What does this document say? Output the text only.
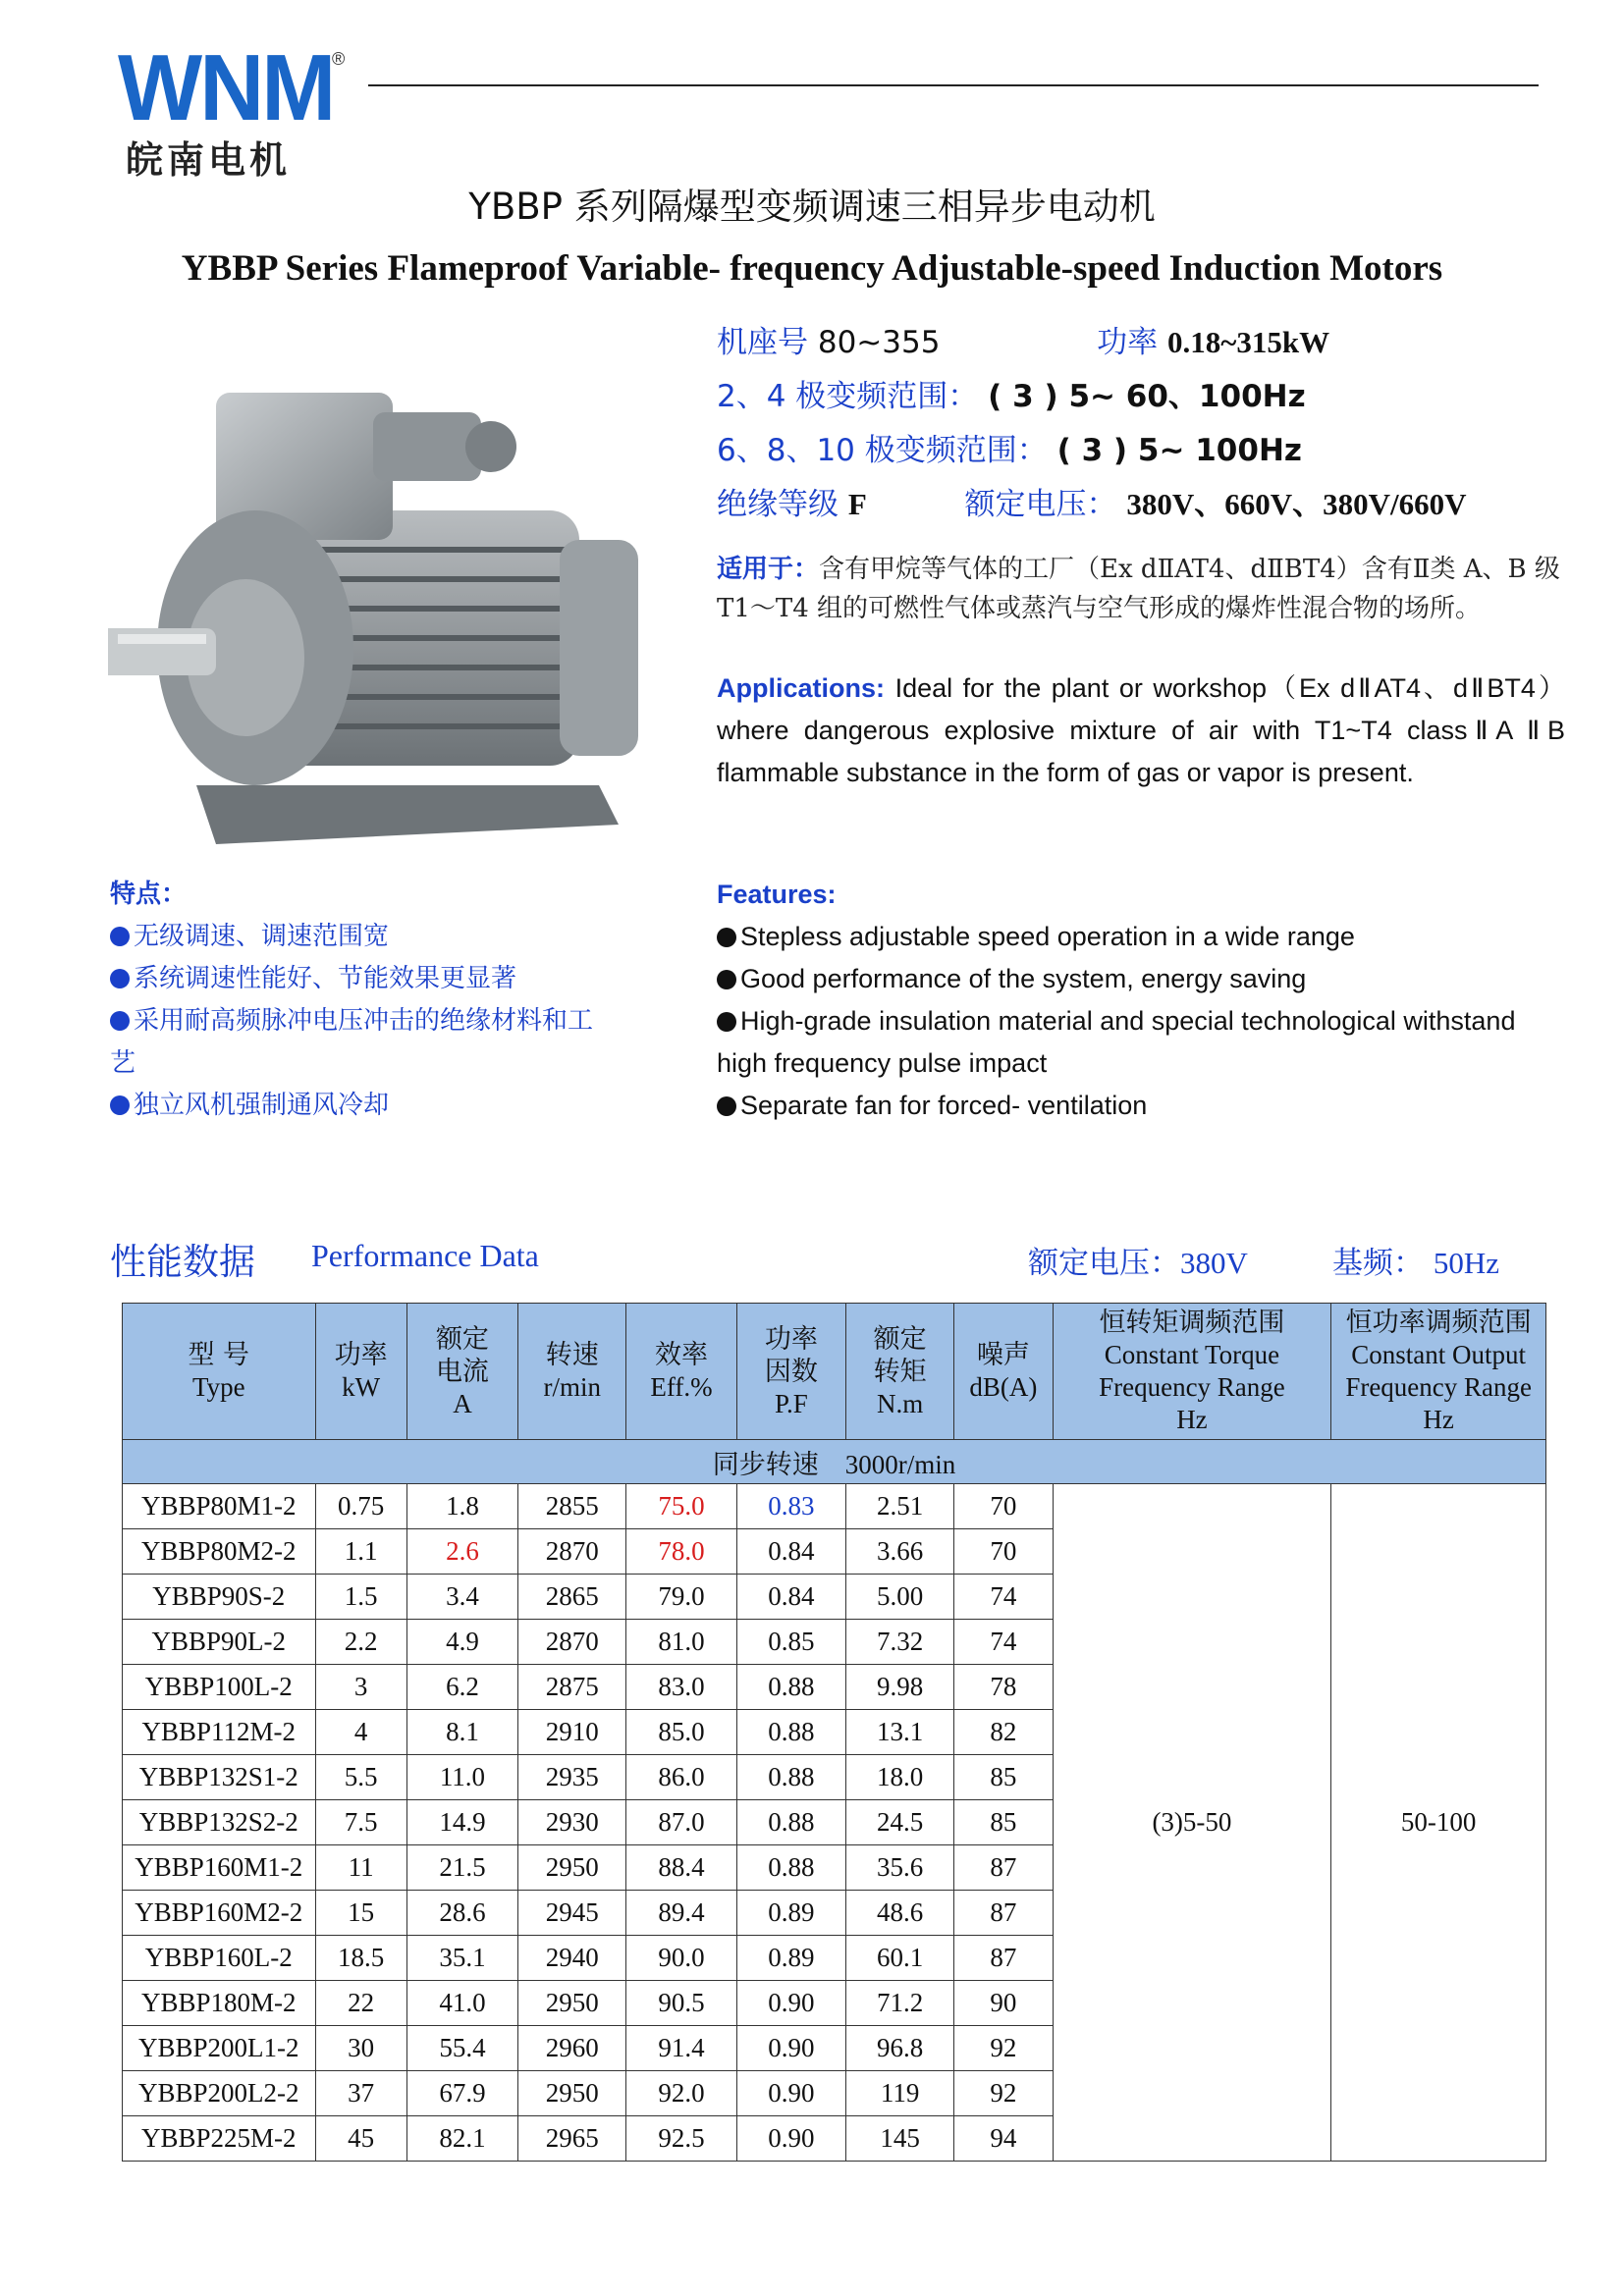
WNM
®
皖南电机
YBBP 系列隔爆型变频调速三相异步电动机
YBBP Series Flameproof Variable- frequency Adjustable-speed Induction Motors
机座号 80~355	功率 0.18~315kW
2、4 极变频范围： ( 3 ) 5~ 60、100Hz
6、8、10 极变频范围： ( 3 ) 5~ 100Hz
绝缘等级 F	额定电压： 380V、660V、380V/660V
适用于：含有甲烷等气体的工厂（Ex dⅡAT4、dⅡBT4）含有Ⅱ类 A、B 级 T1～T4 组的可燃性气体或蒸汽与空气形成的爆炸性混合物的场所。
Applications: Ideal for the plant or workshop（Ex dⅡAT4、dⅡBT4）where dangerous explosive mixture of air with T1~T4 classⅡA ⅡB flammable substance in the form of gas or vapor is present.
特点：
无级调速、调速范围宽
系统调速性能好、节能效果更显著
采用耐高频脉冲电压冲击的绝缘材料和工艺
独立风机强制通风冷却
Features:
Stepless adjustable speed operation in a wide range
Good performance of the system, energy saving
High-grade insulation material and special technological withstand high frequency pulse impact
Separate fan for forced- ventilation
性能数据 Performance Data	额定电压：380V	基频： 50Hz
型 号
Type	功率
kW	额定
电流
A	转速
r/min	效率
Eff.%	功率
因数
P.F	额定
转矩
N.m	噪声
dB(A)	恒转矩调频范围
Constant Torque
Frequency Range
Hz	恒功率调频范围
Constant Output
Frequency Range
Hz
同步转速 3000r/min									
YBBP80M1-2	0.75	1.8	2855	75.0	0.83	2.51	70	(3)5-50	50-100
YBBP80M2-2	1.1	2.6	2870	78.0	0.84	3.66	70		
YBBP90S-2	1.5	3.4	2865	79.0	0.84	5.00	74		
YBBP90L-2	2.2	4.9	2870	81.0	0.85	7.32	74		
YBBP100L-2	3	6.2	2875	83.0	0.88	9.98	78		
YBBP112M-2	4	8.1	2910	85.0	0.88	13.1	82		
YBBP132S1-2	5.5	11.0	2935	86.0	0.88	18.0	85		
YBBP132S2-2	7.5	14.9	2930	87.0	0.88	24.5	85		
YBBP160M1-2	11	21.5	2950	88.4	0.88	35.6	87		
YBBP160M2-2	15	28.6	2945	89.4	0.89	48.6	87		
YBBP160L-2	18.5	35.1	2940	90.0	0.89	60.1	87		
YBBP180M-2	22	41.0	2950	90.5	0.90	71.2	90		
YBBP200L1-2	30	55.4	2960	91.4	0.90	96.8	92		
YBBP200L2-2	37	67.9	2950	92.0	0.90	119	92		
YBBP225M-2	45	82.1	2965	92.5	0.90	145	94		
